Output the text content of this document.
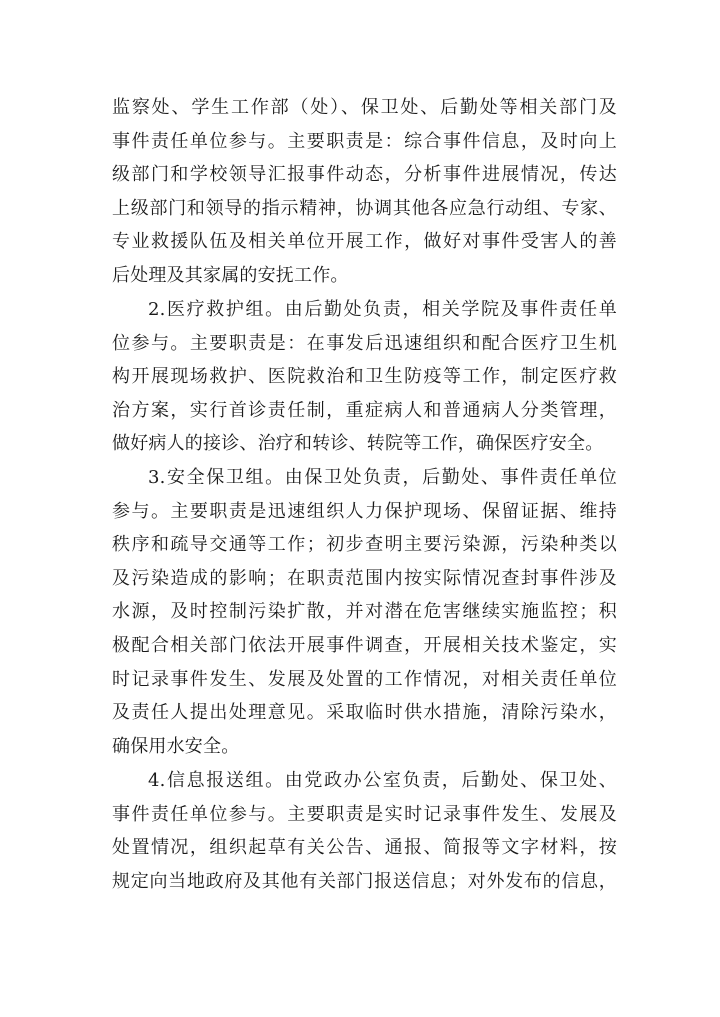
监察处、学生工作部（处）、保卫处、后勤处等相关部门及
事件责任单位参与。主要职责是：综合事件信息，及时向上
级部门和学校领导汇报事件动态，分析事件进展情况，传达
上级部门和领导的指示精神，协调其他各应急行动组、专家、
专业救援队伍及相关单位开展工作，做好对事件受害人的善
后处理及其家属的安抚工作。
2.医疗救护组。由后勤处负责，相关学院及事件责任单
位参与。主要职责是：在事发后迅速组织和配合医疗卫生机
构开展现场救护、医院救治和卫生防疫等工作，制定医疗救
治方案，实行首诊责任制，重症病人和普通病人分类管理，
做好病人的接诊、治疗和转诊、转院等工作，确保医疗安全。
3.安全保卫组。由保卫处负责，后勤处、事件责任单位
参与。主要职责是迅速组织人力保护现场、保留证据、维持
秩序和疏导交通等工作；初步查明主要污染源，污染种类以
及污染造成的影响；在职责范围内按实际情况查封事件涉及
水源，及时控制污染扩散，并对潜在危害继续实施监控；积
极配合相关部门依法开展事件调查，开展相关技术鉴定，实
时记录事件发生、发展及处置的工作情况，对相关责任单位
及责任人提出处理意见。采取临时供水措施，清除污染水，
确保用水安全。
4.信息报送组。由党政办公室负责，后勤处、保卫处、
事件责任单位参与。主要职责是实时记录事件发生、发展及
处置情况，组织起草有关公告、通报、简报等文字材料，按
规定向当地政府及其他有关部门报送信息；对外发布的信息，
